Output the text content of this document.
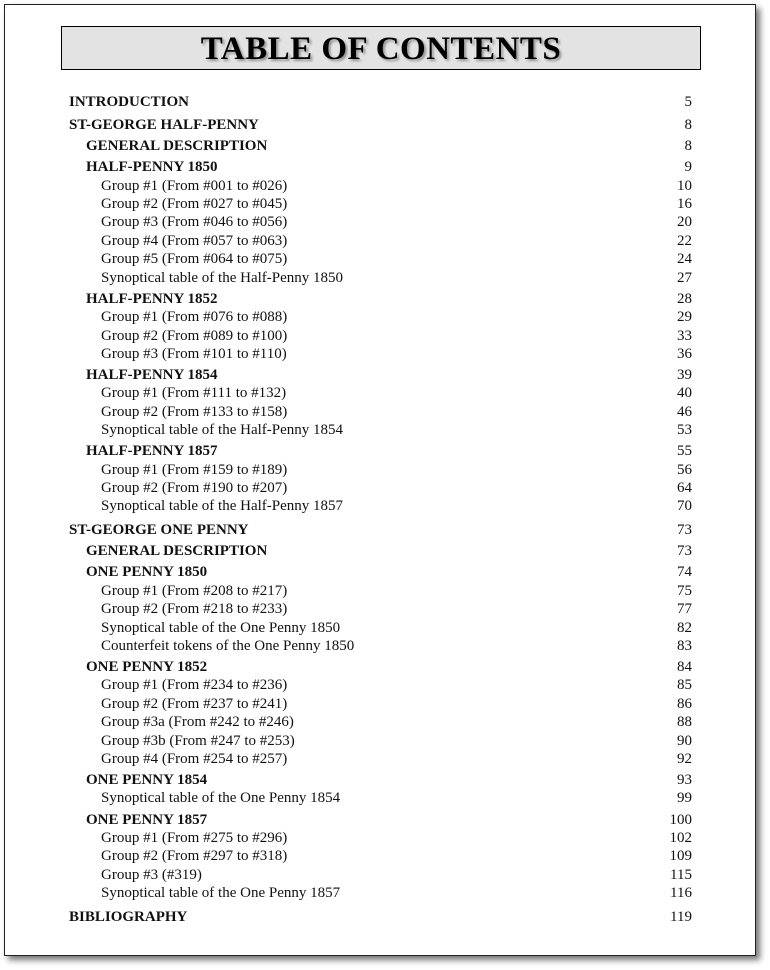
TABLE OF CONTENTS
INTRODUCTION	5
ST-GEORGE HALF-PENNY	8
GENERAL DESCRIPTION	8
HALF-PENNY 1850	9
Group #1 (From #001 to #026)	10
Group #2 (From #027 to #045)	16
Group #3 (From #046 to #056)	20
Group #4 (From #057 to #063)	22
Group #5 (From #064 to #075)	24
Synoptical table of the Half-Penny 1850	27
HALF-PENNY 1852	28
Group #1 (From #076 to #088)	29
Group #2 (From #089 to #100)	33
Group #3 (From #101 to #110)	36
HALF-PENNY 1854	39
Group #1 (From #111 to #132)	40
Group #2 (From #133 to #158)	46
Synoptical table of the Half-Penny 1854	53
HALF-PENNY 1857	55
Group #1 (From #159 to #189)	56
Group #2 (From #190 to #207)	64
Synoptical table of the Half-Penny 1857	70
ST-GEORGE ONE PENNY	73
GENERAL DESCRIPTION	73
ONE PENNY 1850	74
Group #1 (From #208 to #217)	75
Group #2 (From #218 to #233)	77
Synoptical table of the One Penny 1850	82
Counterfeit tokens of the One Penny 1850	83
ONE PENNY 1852	84
Group #1 (From #234 to #236)	85
Group #2 (From #237 to #241)	86
Group #3a (From #242 to #246)	88
Group #3b (From #247 to #253)	90
Group #4 (From #254 to #257)	92
ONE PENNY 1854	93
Synoptical table of the One Penny 1854	99
ONE PENNY 1857	100
Group #1 (From #275 to #296)	102
Group #2 (From #297 to #318)	109
Group #3 (#319)	115
Synoptical table of the One Penny 1857	116
BIBLIOGRAPHY	119
